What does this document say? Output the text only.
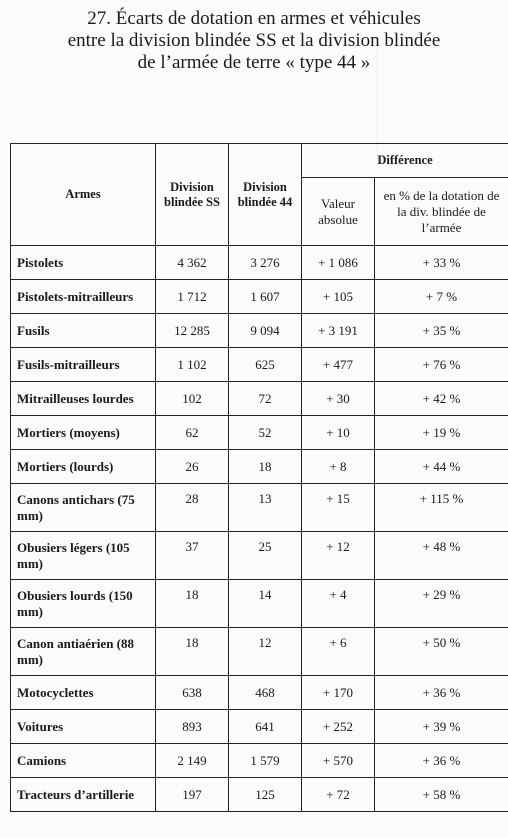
27. Écarts de dotation en armes et véhicules
entre la division blindée SS et la division blindée
de l’armée de terre « type 44 »
Armes	Division blindée SS	Division blindée 44	Différence	
			Valeur absolue	en % de la dotation de la div. blindée de l’armée
Pistolets	4 362	3 276	+ 1 086	+ 33 %
Pistolets-mitrailleurs	1 712	1 607	+ 105	+ 7 %
Fusils	12 285	9 094	+ 3 191	+ 35 %
Fusils-mitrailleurs	1 102	625	+ 477	+ 76 %
Mitrailleuses lourdes	102	72	+ 30	+ 42 %
Mortiers (moyens)	62	52	+ 10	+ 19 %
Mortiers (lourds)	26	18	+ 8	+ 44 %
Canons antichars (75 mm)	28	13	+ 15	+ 115 %
Obusiers légers (105 mm)	37	25	+ 12	+ 48 %
Obusiers lourds (150 mm)	18	14	+ 4	+ 29 %
Canon antiaérien (88 mm)	18	12	+ 6	+ 50 %
Motocyclettes	638	468	+ 170	+ 36 %
Voitures	893	641	+ 252	+ 39 %
Camions	2 149	1 579	+ 570	+ 36 %
Tracteurs d’artillerie	197	125	+ 72	+ 58 %
